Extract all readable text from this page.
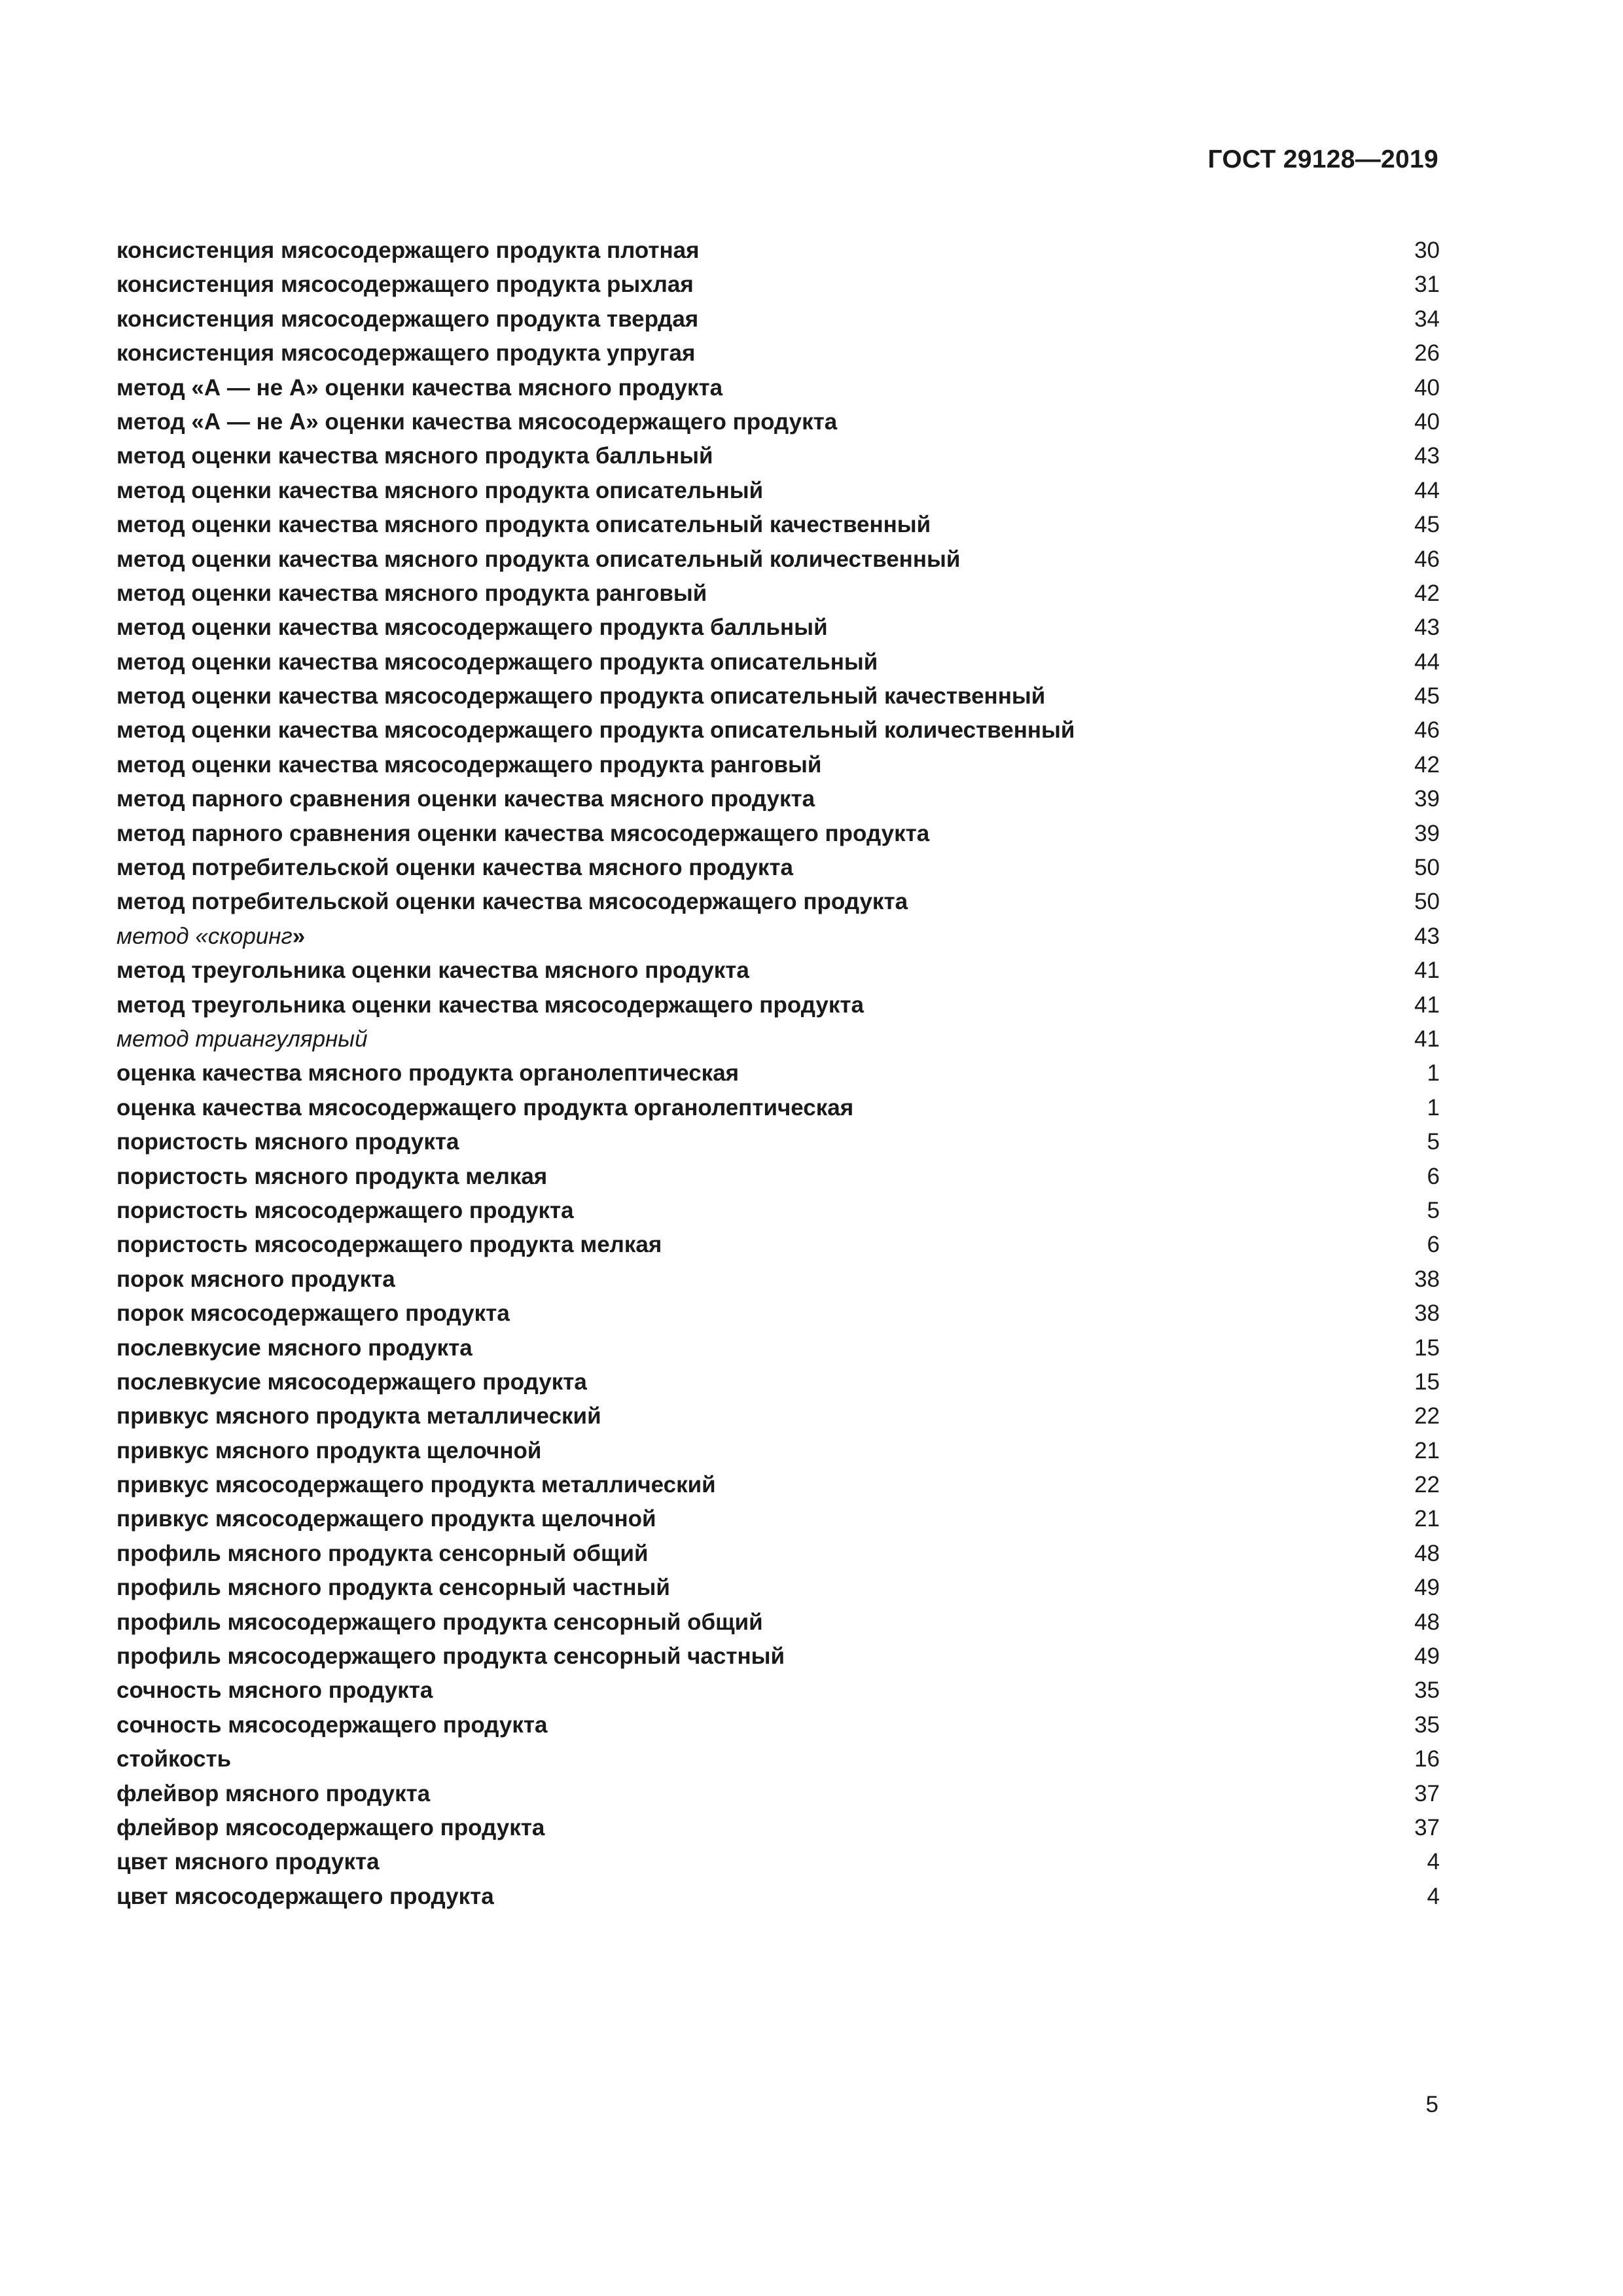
ГОСТ 29128—2019
консистенция мясосодержащего продукта плотная	30
консистенция мясосодержащего продукта рыхлая	31
консистенция мясосодержащего продукта твердая	34
консистенция мясосодержащего продукта упругая	26
метод «А — не А» оценки качества мясного продукта	40
метод «А — не А» оценки качества мясосодержащего продукта	40
метод оценки качества мясного продукта балльный	43
метод оценки качества мясного продукта описательный	44
метод оценки качества мясного продукта описательный качественный	45
метод оценки качества мясного продукта описательный количественный	46
метод оценки качества мясного продукта ранговый	42
метод оценки качества мясосодержащего продукта балльный	43
метод оценки качества мясосодержащего продукта описательный	44
метод оценки качества мясосодержащего продукта описательный качественный	45
метод оценки качества мясосодержащего продукта описательный количественный	46
метод оценки качества мясосодержащего продукта ранговый	42
метод парного сравнения оценки качества мясного продукта	39
метод парного сравнения оценки качества мясосодержащего продукта	39
метод потребительской оценки качества мясного продукта	50
метод потребительской оценки качества мясосодержащего продукта	50
метод «скоринг»	43
метод треугольника оценки качества мясного продукта	41
метод треугольника оценки качества мясосодержащего продукта	41
метод триангулярный	41
оценка качества мясного продукта органолептическая	1
оценка качества мясосодержащего продукта органолептическая	1
пористость мясного продукта	5
пористость мясного продукта мелкая	6
пористость мясосодержащего продукта	5
пористость мясосодержащего продукта мелкая	6
порок мясного продукта	38
порок мясосодержащего продукта	38
послевкусие мясного продукта	15
послевкусие мясосодержащего продукта	15
привкус мясного продукта металлический	22
привкус мясного продукта щелочной	21
привкус мясосодержащего продукта металлический	22
привкус мясосодержащего продукта щелочной	21
профиль мясного продукта сенсорный общий	48
профиль мясного продукта сенсорный частный	49
профиль мясосодержащего продукта сенсорный общий	48
профиль мясосодержащего продукта сенсорный частный	49
сочность мясного продукта	35
сочность мясосодержащего продукта	35
стойкость	16
флейвор мясного продукта	37
флейвор мясосодержащего продукта	37
цвет мясного продукта	4
цвет мясосодержащего продукта	4
5
